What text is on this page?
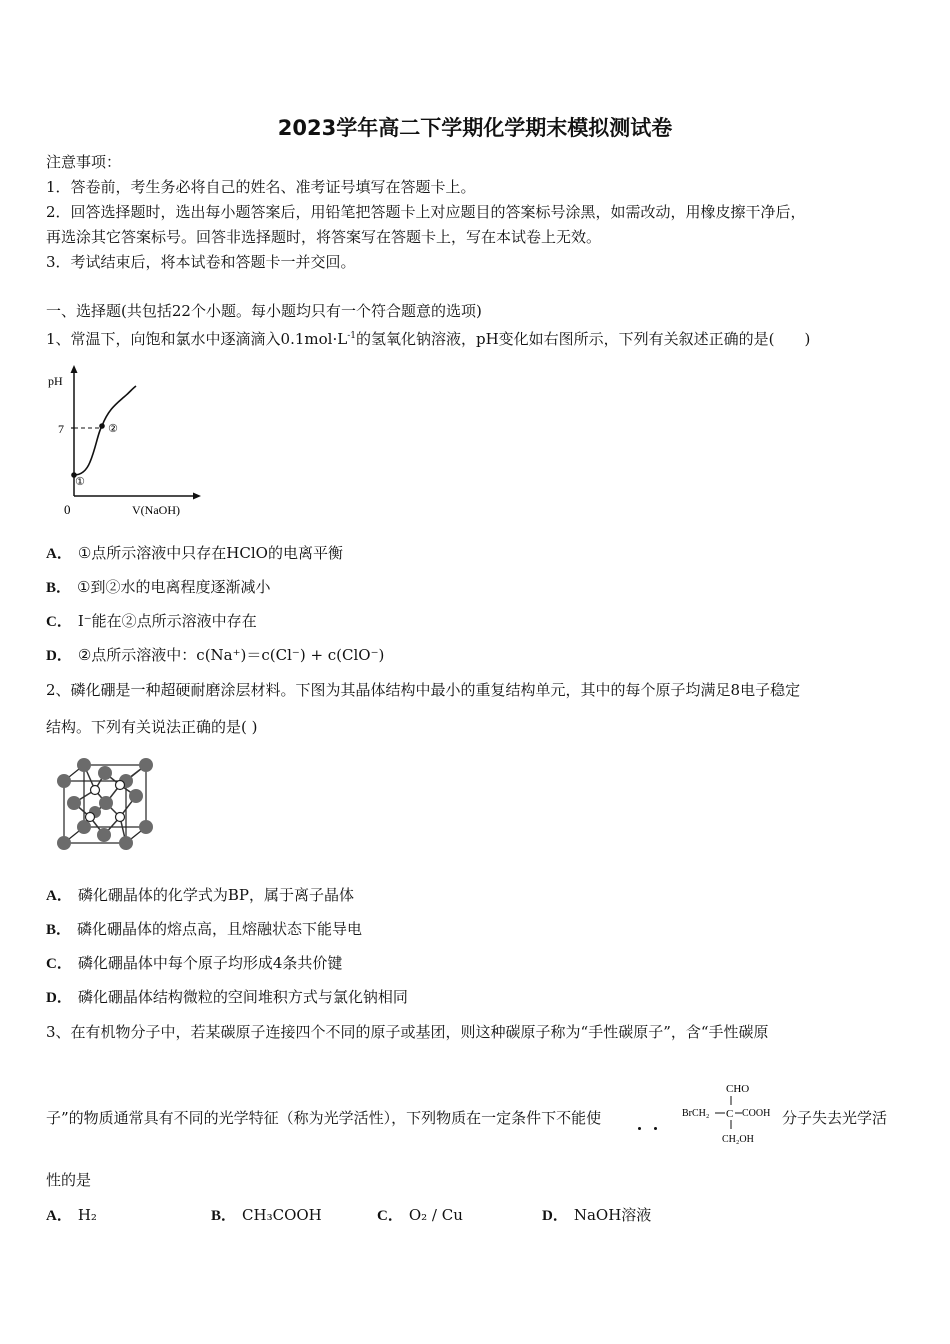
2023学年高二下学期化学期末模拟测试卷
注意事项：
1．答卷前，考生务必将自己的姓名、准考证号填写在答题卡上。
2．回答选择题时，选出每小题答案后，用铅笔把答题卡上对应题目的答案标号涂黑，如需改动，用橡皮擦干净后，
再选涂其它答案标号。回答非选择题时，将答案写在答题卡上，写在本试卷上无效。
3．考试结束后，将本试卷和答题卡一并交回。
一、选择题(共包括22个小题。每小题均只有一个符合题意的选项)
1、常温下，向饱和氯水中逐滴滴入$0.1mol\cdot L^{-1}$的氢氧化钠溶液，pH变化如右图所示，下列有关叙述正确的是(　　)
pH
7
①
②
0	V(NaOH)
A． ①点所示溶液中只存在HClO的电离平衡
B． ①到②水的电离程度逐渐减小
C． I⁻能在②点所示溶液中存在
D． ②点所示溶液中：c(Na⁺)＝c(Cl⁻) + c(ClO⁻)
2、磷化硼是一种超硬耐磨涂层材料。下图为其晶体结构中最小的重复结构单元，其中的每个原子均满足8电子稳定
结构。下列有关说法正确的是( )
A． 磷化硼晶体的化学式为BP，属于离子晶体
B． 磷化硼晶体的熔点高，且熔融状态下能导电
C． 磷化硼晶体中每个原子均形成4条共价键
D． 磷化硼晶体结构微粒的空间堆积方式与氯化钠相同
3、在有机物分子中，若某碳原子连接四个不同的原子或基团，则这种碳原子称为“手性碳原子”，含“手性碳原
子”的物质通常具有不同的光学特征（称为光学活性），下列物质在一定条件下不能使
CHO
BrCH₂ C COOH
CH₂OH
分子失去光学活
性的是
A． H₂	B． CH₃COOH	C． O₂ / Cu	D． NaOH溶液
